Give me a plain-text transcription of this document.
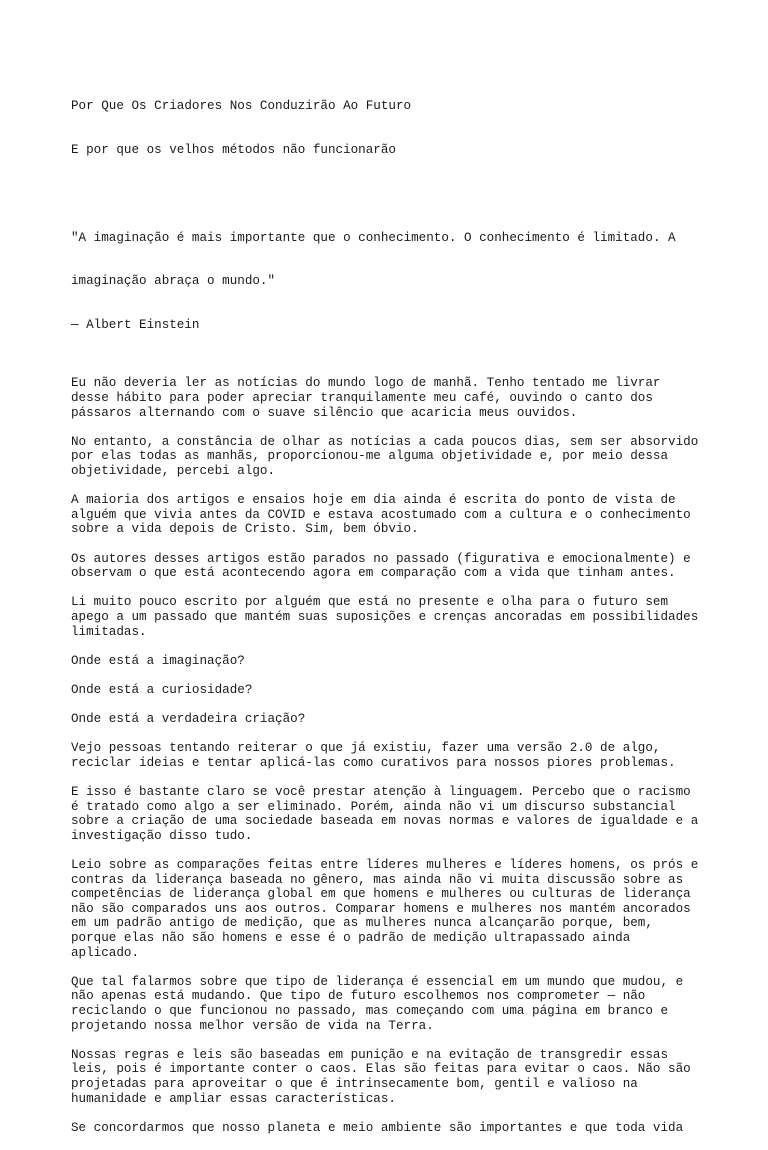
Por Que Os Criadores Nos Conduzirão Ao Futuro

E por que os velhos métodos não funcionarão

"A imaginação é mais importante que o conhecimento. O conhecimento é limitado. A

imaginação abraça o mundo."

— Albert Einstein

Eu não deveria ler as notícias do mundo logo de manhã. Tenho tentado me livrar
desse hábito para poder apreciar tranquilamente meu café, ouvindo o canto dos
pássaros alternando com o suave silêncio que acaricia meus ouvidos.
No entanto, a constância de olhar as notícias a cada poucos dias, sem ser absorvido
por elas todas as manhãs, proporcionou-me alguma objetividade e, por meio dessa
objetividade, percebi algo.
A maioria dos artigos e ensaios hoje em dia ainda é escrita do ponto de vista de
alguém que vivia antes da COVID e estava acostumado com a cultura e o conhecimento
sobre a vida depois de Cristo. Sim, bem óbvio.
Os autores desses artigos estão parados no passado (figurativa e emocionalmente) e
observam o que está acontecendo agora em comparação com a vida que tinham antes.
Li muito pouco escrito por alguém que está no presente e olha para o futuro sem
apego a um passado que mantém suas suposições e crenças ancoradas em possibilidades
limitadas.
Onde está a imaginação?
Onde está a curiosidade?
Onde está a verdadeira criação?
Vejo pessoas tentando reiterar o que já existiu, fazer uma versão 2.0 de algo,
reciclar ideias e tentar aplicá-las como curativos para nossos piores problemas.
E isso é bastante claro se você prestar atenção à linguagem. Percebo que o racismo
é tratado como algo a ser eliminado. Porém, ainda não vi um discurso substancial
sobre a criação de uma sociedade baseada em novas normas e valores de igualdade e a
investigação disso tudo.
Leio sobre as comparações feitas entre líderes mulheres e líderes homens, os prós e
contras da liderança baseada no gênero, mas ainda não vi muita discussão sobre as
competências de liderança global em que homens e mulheres ou culturas de liderança
não são comparados uns aos outros. Comparar homens e mulheres nos mantém ancorados
em um padrão antigo de medição, que as mulheres nunca alcançarão porque, bem,
porque elas não são homens e esse é o padrão de medição ultrapassado ainda
aplicado.
Que tal falarmos sobre que tipo de liderança é essencial em um mundo que mudou, e
não apenas está mudando. Que tipo de futuro escolhemos nos comprometer — não
reciclando o que funcionou no passado, mas começando com uma página em branco e
projetando nossa melhor versão de vida na Terra.
Nossas regras e leis são baseadas em punição e na evitação de transgredir essas
leis, pois é importante conter o caos. Elas são feitas para evitar o caos. Não são
projetadas para aproveitar o que é intrinsecamente bom, gentil e valioso na
humanidade e ampliar essas características.
Se concordarmos que nosso planeta e meio ambiente são importantes e que toda vida
